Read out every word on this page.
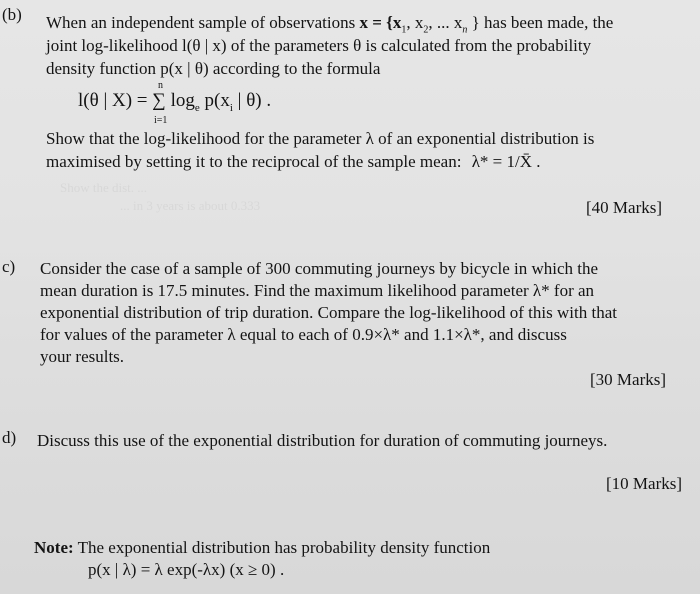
Show the dist. ...
... in 3 years is about 0.333
(b) When an independent sample of observations $x = \{x_1$, $x_2$, ... $x_n$ } has been made, the
joint log-likelihood l(θ | x) of the parameters θ is calculated from the probability
density function p(x | θ) according to the formula
l(θ | X) = ∑ $\log_e p(x_i$ | θ) .
n
i=1
Show that the log-likelihood for the parameter λ of an exponential distribution is
maximised by setting it to the reciprocal of the sample mean: λ* = 1/X̄ .
[40 Marks]
c) Consider the case of a sample of 300 commuting journeys by bicycle in which the
mean duration is 17.5 minutes. Find the maximum likelihood parameter λ* for an
exponential distribution of trip duration. Compare the log-likelihood of this with that
for values of the parameter λ equal to each of 0.9×λ* and 1.1×λ*, and discuss
your results.
[30 Marks]
d) Discuss this use of the exponential distribution for duration of commuting journeys.
[10 Marks]
Note: The exponential distribution has probability density function
p(x | λ) = λ exp(-λx) (x ≥ 0) .
